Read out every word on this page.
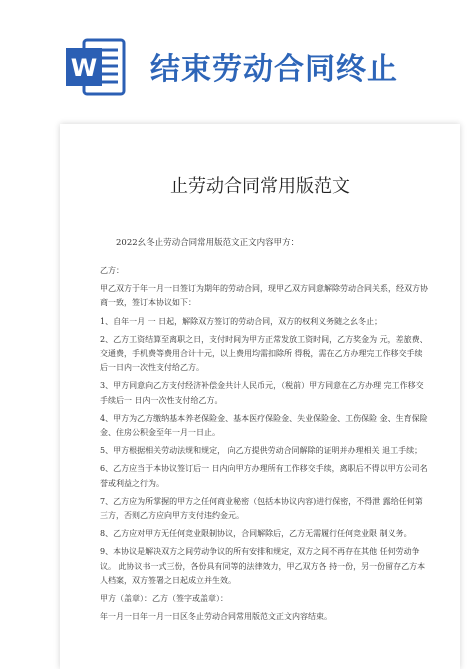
W 结束劳动合同终止
止劳动合同常用版范文
2022幺冬止劳动合同常用版范文正文内容甲方：

乙方：

甲乙双方于年一月一日签订为期年的劳动合同，现甲乙双方同意解除劳动合同关系，经双方协商一致，签订本协议如下：

1、自年一月 一 日起，解除双方签订的劳动合同，双方的权利义务随之幺冬止；

2、乙方工资结算至离职之日，支付时间为甲方正常发放工资时间，乙方奖金为 元，差旅费、交通费，手机费等费用合计十元，以上费用均需扣除所 得税，需在乙方办理完工作移交手续后一日内一次性支付给乙方。

3、甲方同意向乙方支付经济补偿金共计人民币元，（税前）甲方同意在乙方办理 完工作移交手续后一 日内一次性支付给乙方。

4、甲方为乙方缴纳基本养老保险金、基本医疗保险金、失业保险金、工伤保险 金、生育保险金、住房公积金至年一月一日止。

5、甲方根据相关劳动法规和规定， 向乙方提供劳动合同解除的证明并办理相关 退工手续；

6、乙方应当于本协议签订后一 日内向甲方办理所有工作移交手续，离职后不得以甲方公司名誉或利益之行为。

7、乙方应为所掌握的甲方之任何商业秘密（包括本协议内容)进行保密，不得泄 露给任何第三方，否则乙方应向甲方支付违约金元。

8、乙方应对甲方无任何竞业限制协议，合同解除后，乙方无需履行任何竞业限 制义务。

9、本协议是解决双方之间劳动争议的所有安排和规定，双方之间不再存在其他 任何劳动争议。 此协议书一式三份，各份具有同等的法律效力，甲乙双方各 持一份，另一份留存乙方本人档案，双方签署之日起成立并生效。

甲方（盖章）：乙方（签字或盖章）：

年一月一日年一月一日区冬止劳动合同常用版范文正文内容结束。
